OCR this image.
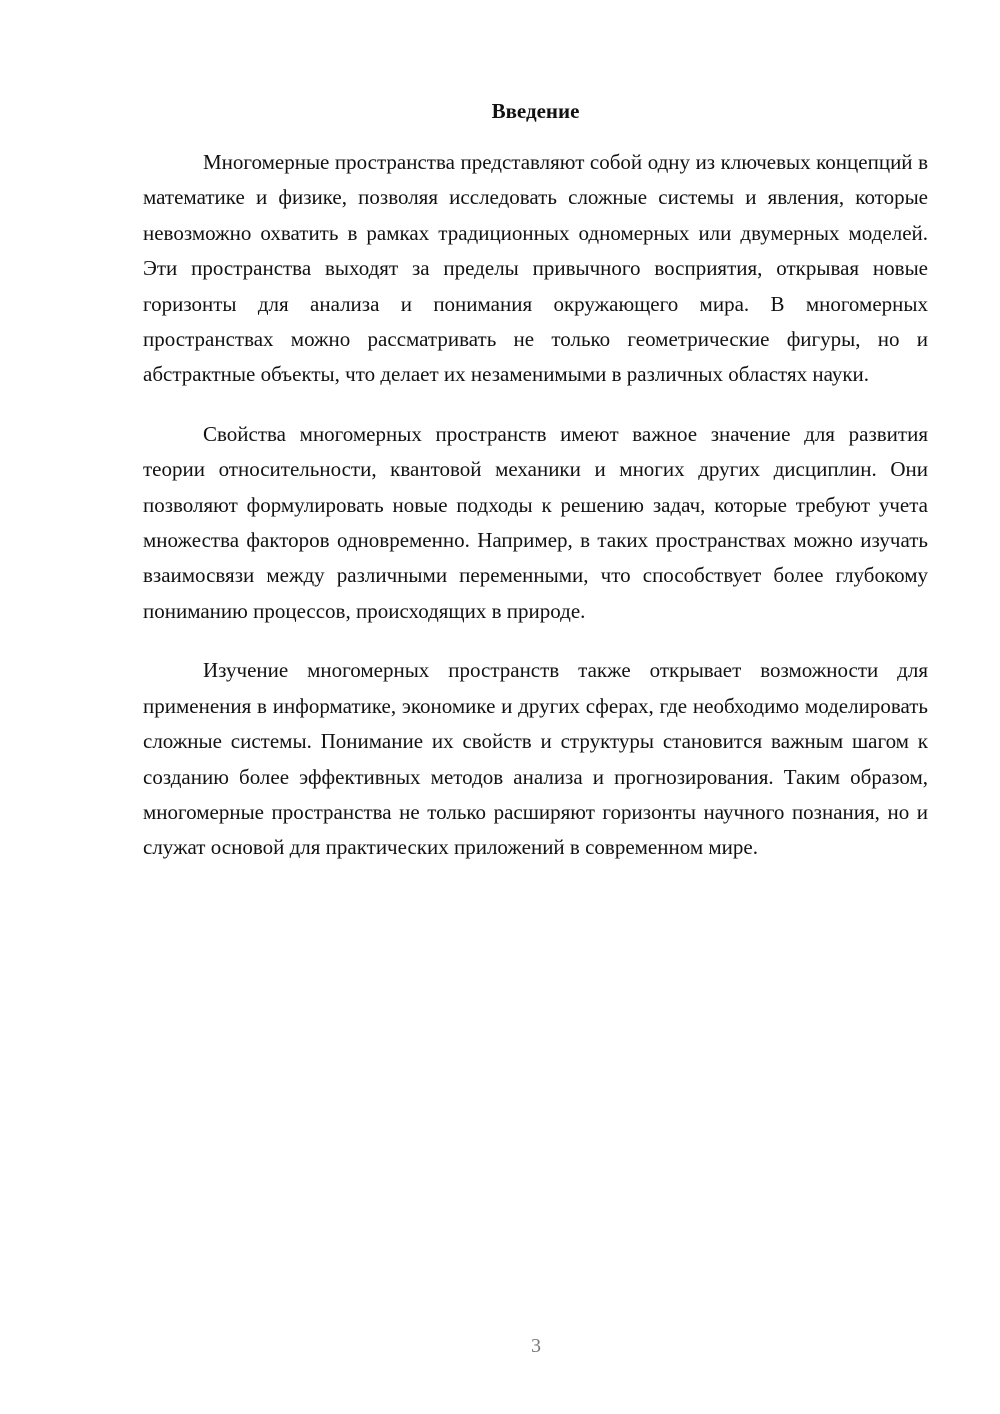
Введение

Многомерные пространства представляют собой одну из ключевых концепций в математике и физике, позволяя исследовать сложные системы и явления, которые невозможно охватить в рамках традиционных одномерных или двумерных моделей. Эти пространства выходят за пределы привычного восприятия, открывая новые горизонты для анализа и понимания окружающего мира. В многомерных пространствах можно рассматривать не только геометрические фигуры, но и абстрактные объекты, что делает их незаменимыми в различных областях науки.

Свойства многомерных пространств имеют важное значение для развития теории относительности, квантовой механики и многих других дисциплин. Они позволяют формулировать новые подходы к решению задач, которые требуют учета множества факторов одновременно. Например, в таких пространствах можно изучать взаимосвязи между различными переменными, что способствует более глубокому пониманию процессов, происходящих в природе.

Изучение многомерных пространств также открывает возможности для применения в информатике, экономике и других сферах, где необходимо моделировать сложные системы. Понимание их свойств и структуры становится важным шагом к созданию более эффективных методов анализа и прогнозирования. Таким образом, многомерные пространства не только расширяют горизонты научного познания, но и служат основой для практических приложений в современном мире.

3
